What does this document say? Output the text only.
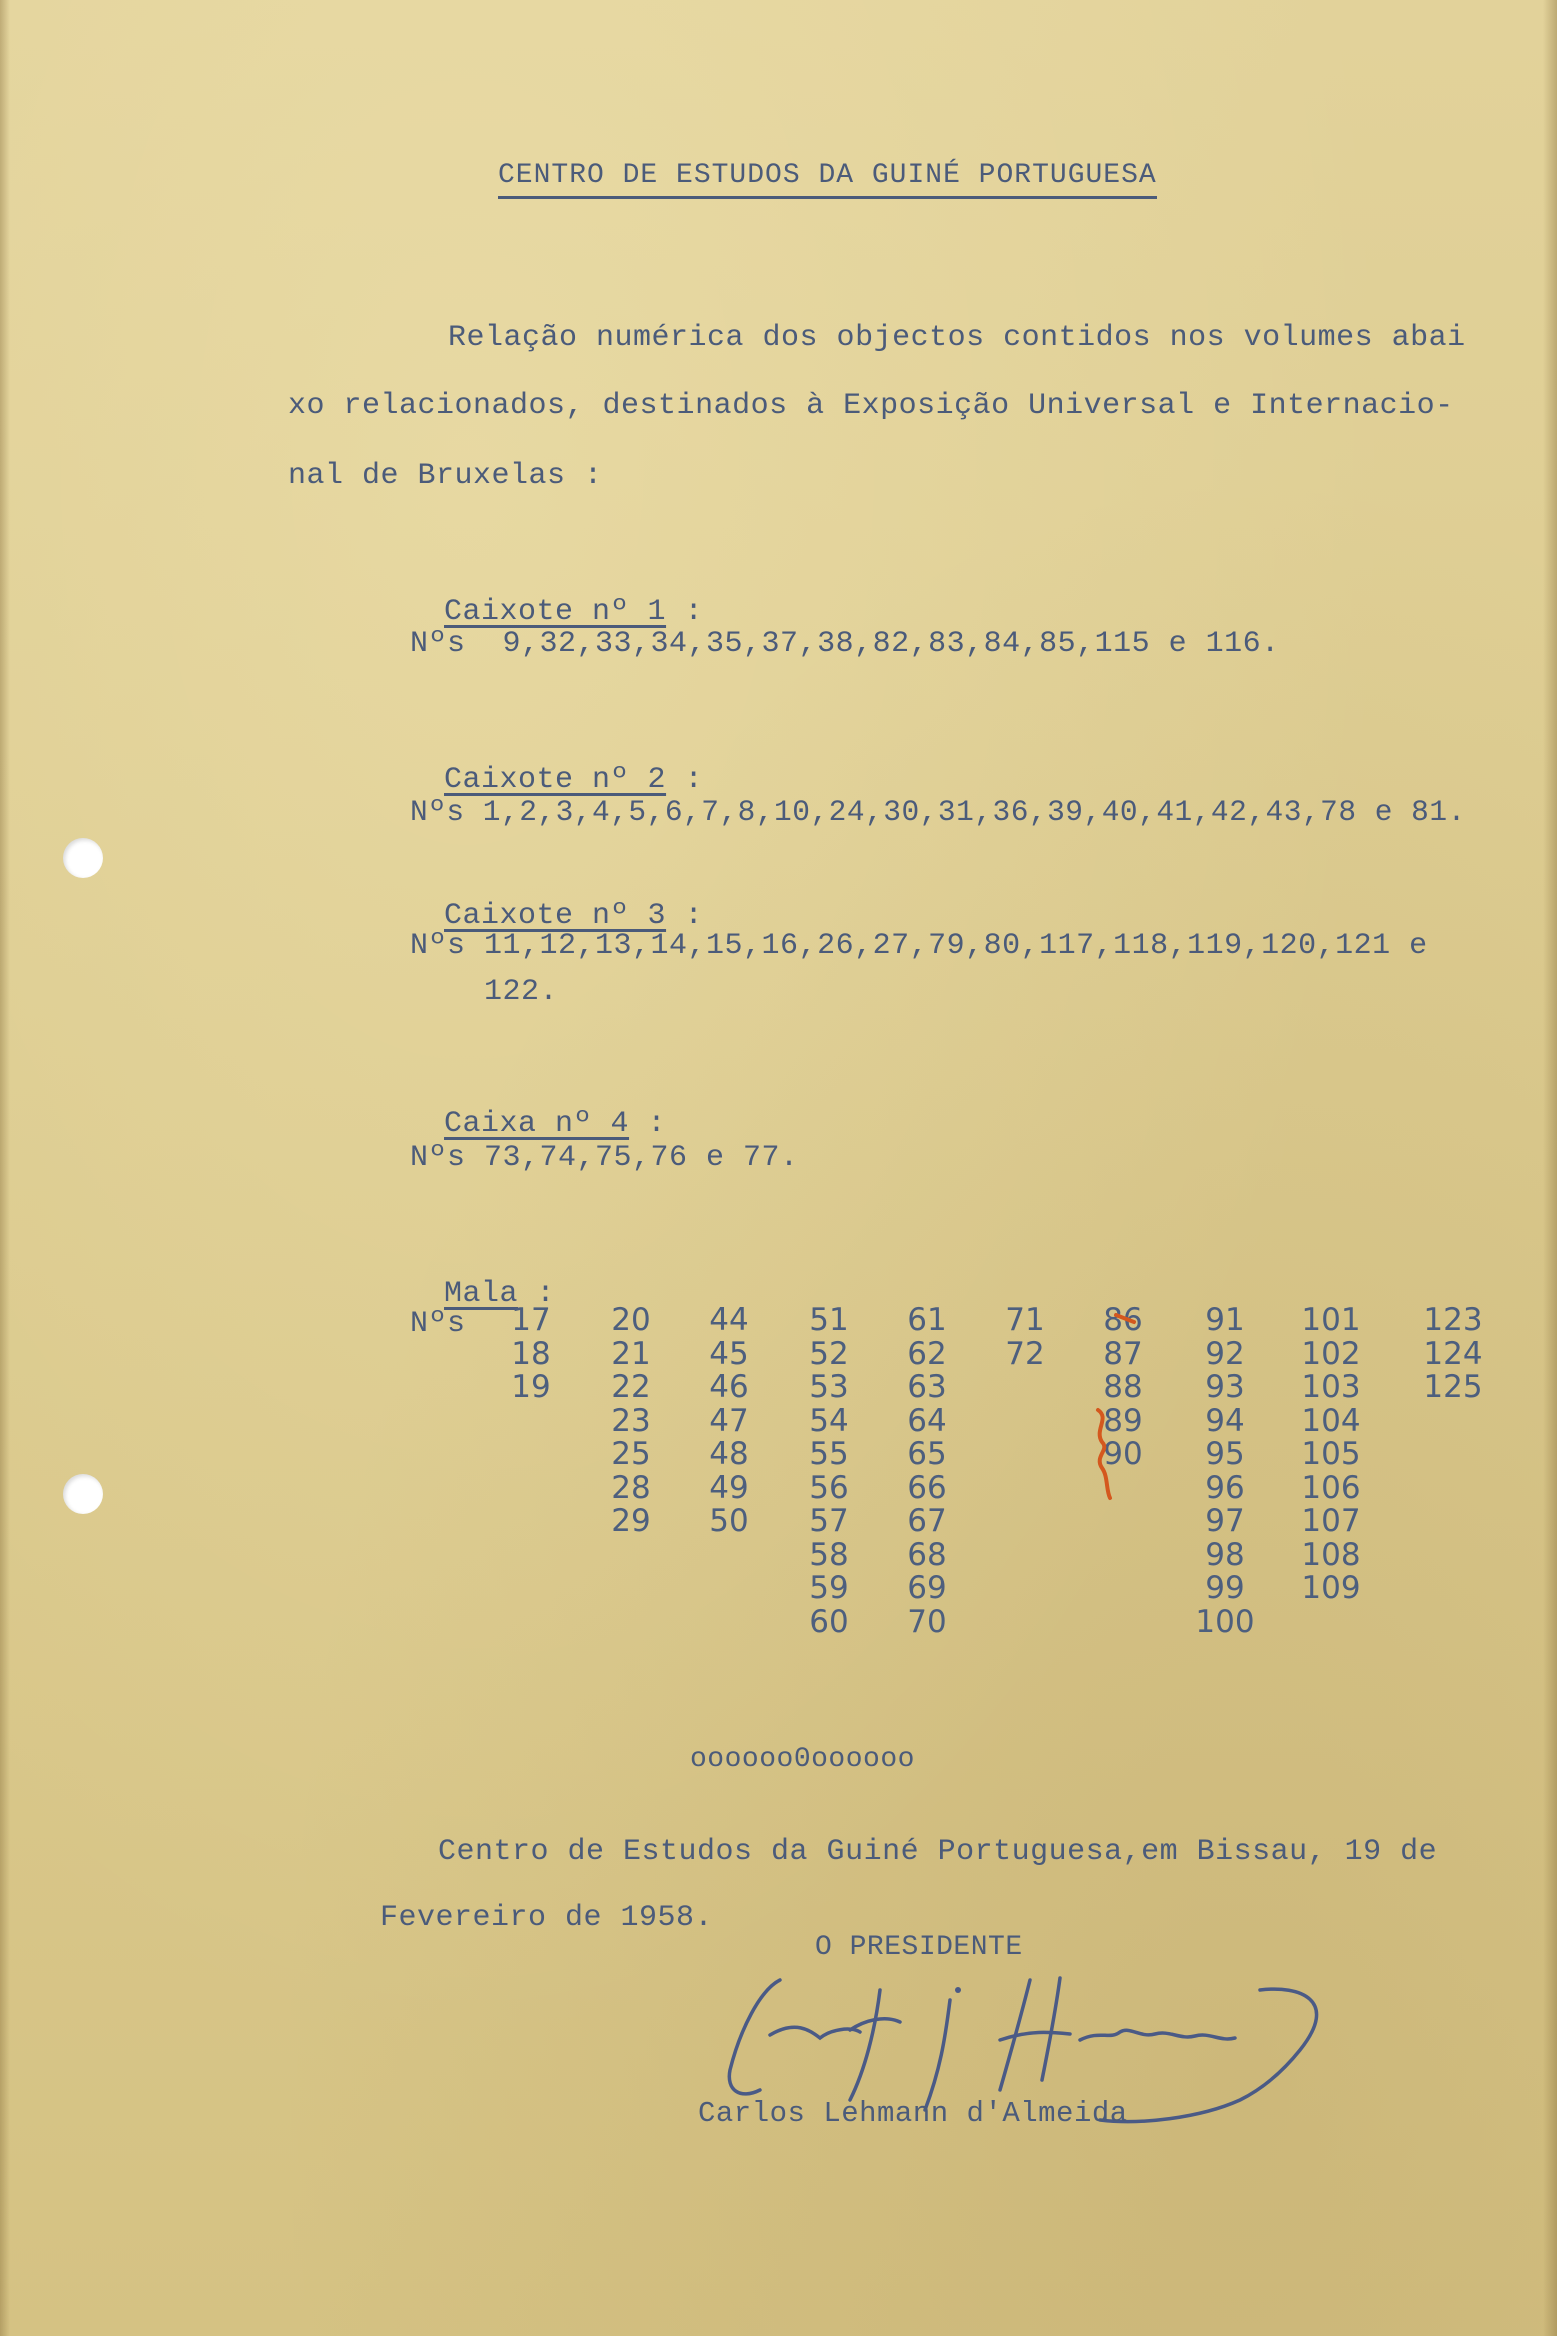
CENTRO DE ESTUDOS DA GUINÉ PORTUGUESA
Relação numérica dos objectos contidos nos volumes abai
xo relacionados, destinados à Exposição Universal e Internacio-
nal de Bruxelas :

Caixote nº 1 :

Nºs  9,32,33,34,35,37,38,82,83,84,85,115 e 116.

Caixote nº 2 :

Nºs 1,2,3,4,5,6,7,8,10,24,30,31,36,39,40,41,42,43,78 e 81.

Caixote nº 3 :

Nºs 11,12,13,14,15,16,26,27,79,80,117,118,119,120,121 e
122.

Caixa nº 4 :

Nºs 73,74,75,76 e 77.

Mala :

Nºs	17
18
19
20
21
22
23
25
28
29
44
45
46
47
48
49
50
51
52
53
54
55
56
57
58
59
60
61
62
63
64
65
66
67
68
69
70
71
72
86
87
88
89
90
91
92
93
94
95
96
97
98
99
100
101
102
103
104
105
106
107
108
109
123
124
125
oooooo0oooooo
Centro de Estudos da Guiné Portuguesa,em Bissau, 19 de
Fevereiro de 1958.
O PRESIDENTE
Carlos Lehmann d'Almeida
